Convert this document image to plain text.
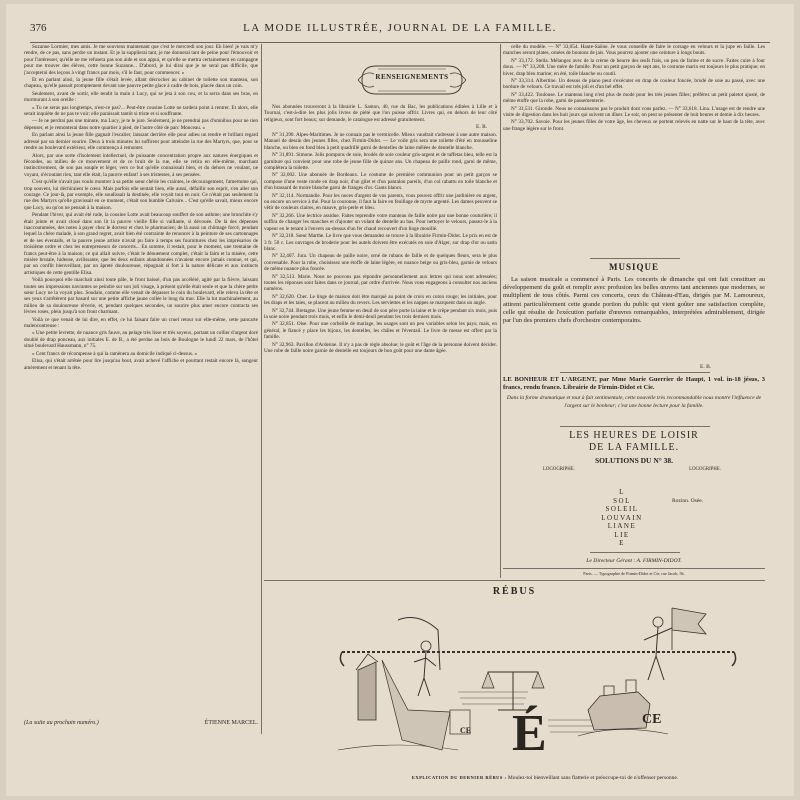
376	LA MODE ILLUSTRÉE, JOURNAL DE LA FAMILLE.

Suzanne Lormier, mes amis. Je me souviens maintenant que c'est le mercredi son jour. Eh bien! je vais m'y rendre, de ce pas, sans perdre un instant. Et je la supplierai tant, je me donnerai tant de peine pour l'émouvoir et pour l'intéresser, qu'elle ne me refusera pas son aide et son appui, et qu'elle se mettra certainement en campagne pour me trouver des élèves, cette bonne Suzanne... D'abord, je lui dirai que je ne serai pas difficile, que j'accepterai des leçons à vingt francs par mois, s'il le faut, pour commencer. »

Et en parlant ainsi, la jeune fille s'était levée, allant décrocher au cabinet de toilette son manteau, son chapeau, qu'elle passait promptement devant une pauvre petite glace à cadre de bois, placée dans un coin.

Seulement, avant de sortir, elle tendit la main à Lucy, qui se jeta à son cou, et la serra dans ses bras, en murmurant à son oreille :

« Tu ne seras pas longtemps, n'est-ce pas?... Peut-être cousine Lotte ne tardera point à rentrer. Et alors, elle serait inquiète de ne pas te voir; elle paraissait tantôt si triste et si souffrante.

— Je ne perdrai pas une minute, ma Lucy, je te le jure. Seulement, je ne prendrai pas d'omnibus pour ne rien dépenser, et je remonterai dans notre quartier à pied, de l'autre côté de parc Monceau. »

En parlant ainsi la jeune fille gagnait l'escalier, laissant derrière elle pour adieu un tendre et brillant regard adressé par un dernier sourire. Deux à trois minutes lui suffirent pour atteindre la rue des Martyrs, que, pour se rendre au boulevard extérieur, elle commença à remonter.

Alors, par une sorte d'isolement intellectuel, de puissante concentration propre aux natures énergiques et fécondes, au milieu de ce mouvement et de ce bruit de la rue, elle se retira en elle-même, marchant instinctivement, de son pas souple et léger, vers ce but qu'elle connaissait bien, et du dehors ne voulant, ne voyant, n'écoutant rien, tant elle était, la pauvre enfant! à ses tristesses, à ses pensées.

C'est qu'elle n'avait pas voulu montrer à sa petite sœur chérie les craintes, le découragement, l'amertume qui, trop souvent, lui déchiraient le cœur. Mais parfois elle sentait bien, elle aussi, défaillir son esprit, s'en aller son courage. Ce jour-là, par exemple, elle soudissait la destinée, elle voyait tout en noir. Ce n'était pas seulement la rue des Martyrs qu'elle gravissait en ce moment, c'était son humble Calvaire... C'est qu'elle savait, mieux encore que Lucy, ou qu'on ne pensait à la maison.

Pendant l'hiver, qui avait été rude, la cousine Lotte avait beaucoup souffert de son asthme; une bronchite s'y était jointe et avait cloué dans son lit la pauvre vieille fille si vaillante, si dévouée. De là des dépenses inaccoutumées, des notes à payer chez le docteur et chez le pharmacien; de là aussi un chômage forcé, pendant lequel la chère malade, à son grand regret, avait bien été contrainte de renoncer à la peinture de ses cartonnages et de ses éventails, et la pauvre jeune artiste n'avait pu faire à temps ses fournitures chez les imprésarios de troisième ordre et chez les entrepreneurs de concerts... En somme, il restait, pour le moment, une trentaine de francs peut-être à la maison; ce qui allait suivre, c'était le dénuement complet, c'était la faim et la misère, cette misère brutale, hideuse, avilissante, que les deux enfants abandonnées n'avaient encore jamais connue, et qui, par un conflit bienveillant, par un âpreté douloureuse, répugnait si fort à la nature délicate et aux instincts artistiques de cette gentille Elisa.

Voilà pourquoi elle marchait ainsi toute pâle, le front baissé, d'un pas accéléré, agité par la fièvre, laissant toutes ses impressions navrantes se peindre sur son joli visage, à présent qu'elle était seule et que la chère petite sœur Lucy ne la voyait plus. Soudain, comme elle venait de dépasser le coin du boulevard, elle releva la tête et ses yeux s'arrêtèrent par hasard sur une petite affiche jaune collée le long du mur. Elle la lut machinalement, au milieu de sa douloureuse rêverie, et, pendant quelques secondes, un sourire plus amer encore contracta ses lèvres roses, plein jusqu'à son front charmant.

Voilà ce que venait de lui dire, en effet, ce lui faisant faire un cruel retour sur elle-même, cette pancarte malencontreuse :

« Une petite levrette, de nuance gris fauve, au pelage très lisse et très soyeux, portant un collier d'argent doré doublé de drap ponceau, aux initiales E. de B., a été perdue au bois de Boulogne le lundi 22 mars, de l'hôtel situé boulevard Haussmann, n° 75.

« Cent francs de récompense à qui la ramènera au domicile indiqué ci-dessus. »

Elisa, qui s'était arrêtée pour lire jusqu'au bout, avait achevé l'affiche et pourtant restait encore là, songeur amèrement et tenant la tête.

(La suite au prochain numéro.)	ÉTIENNE MARCEL.
RENSEIGNEMENTS

Nos abonnées trouveront à la librairie L. Santon, 40, rue du Bac, les publications éditées à Lille et à Tournai, c'est-à-dire les plus jolis livres de piété que l'on puisse offrir. Livres qui, en dehors de leur côté religieux, sont fort beaux; sur demande, le catalogue est adressé gratuitement.

E. R.

N° 31,390. Alpes-Maritimes. Je ne connais pas le vermicelle. Mieux vaudrait s'adresser à une autre maison. Manuel de dessin des jeunes filles, chez Firmin-Didot. — Le voile gris sera une toilette d'été en mousseline blanche, ou bien en fond bleu à petit quadrillé garni de dentelles de laine mêlées de dentelle blanche.

N° 31,891. Simone. Jolis pompons de soie, brodés de soie couleur gris-argent et de taffetas bleu, telle est la garniture qui convient pour une robe de jeune fille de quinze ans. Un chapeau de paille rond, garni de même, complétera la toilette.

N° 32,002. Une abonnée de Bordeaux. Le costume de première communion pour un petit garçon se compose d'une veste ronde en drap noir, d'un gilet et d'un pantalon pareils, d'un col rabattu en toile blanche et d'un brassard de moire blanche garni de franges d'or. Gants blancs.

N° 32,114. Normandie. Pour les noces d'argent de vos parents, vous pouvez offrir une jardinière en argent, ou encore un service à thé. Pour la couronne, il faut la faire en feuillage de myrte argenté. Les dames peuvent se vêtir de couleurs claires, en mauve, gris-perle et bleu.

N° 32,266. Une lectrice assidue. Faites reprendre votre manteau de faille noire par une bonne couturière; il suffira de changer les manches et d'ajouter un volant de dentelle au bas. Pour nettoyer le velours, passez-le à la vapeur en le tenant à l'envers au-dessus d'un fer chaud recouvert d'un linge mouillé.

N° 32,318. Sœur Marthe. Le livre que vous demandez se trouve à la librairie Firmin-Didot. Le prix en est de 3 fr. 50 c. Les ouvrages de broderie pour les autels doivent être exécutés en soie d'Alger, sur drap d'or ou satin blanc.

N° 32,407. Jura. Un chapeau de paille noire, orné de rubans de faille et de quelques fleurs, sera le plus convenable. Pour la robe, choisissez une étoffe de laine légère, en nuance beige ou gris-bleu, garnie de velours de même nuance plus foncée.

N° 32,513. Marie. Nous ne pouvons pas répondre personnellement aux lettres qui nous sont adressées; toutes les réponses sont faites dans ce journal, par ordre d'arrivée. Nous vous engageons à consulter nos anciens numéros.

N° 32,620. Cher. Le linge de maison doit être marqué au point de croix en coton rouge; les initiales, pour les draps et les taies, se placent au milieu du revers. Les serviettes et les nappes se marquent dans un angle.

N° 32,744. Bretagne. Une jeune femme en deuil de son père porte la laine et le crêpe pendant six mois, puis la soie noire pendant trois mois, et enfin le demi-deuil pendant les trois derniers mois.

N° 32,851. Oise. Pour une corbeille de mariage, les usages sont un peu variables selon les pays; mais, en général, le fiancé y place les bijoux, les dentelles, les châles et l'éventail. Le livre de messe est offert par la famille.

N° 32,963. Pavillon d'Ardenne. Il n'y a pas de règle absolue; le goût et l'âge de la personne doivent décider. Une robe de faille noire garnie de dentelle est toujours de bon goût pour une dame âgée.

celle du modèle. — N° 33,054. Haute-Saône. Je vous conseille de faire le corsage en velours et la jupe en faille. Les manches seront plates, ornées de boutons de jais. Vous pourrez ajouter une ceinture à longs bouts.

N° 33,172. Stella. Mélangez avec de la crème de beurre des œufs frais, un peu de farine et de sucre. Faites cuire à four doux. — N° 33,208. Une mère de famille. Pour un petit garçon de sept ans, le costume marin est toujours le plus pratique; en hiver, drap bleu marine; en été, toile blanche ou coutil.

N° 33,314. Albertine. Un dessus de piano peut s'exécuter en drap de couleur foncée, brodé de soie au passé, avec une bordure de velours. Ce travail est très joli et d'un bel effet.

N° 33,422. Toulouse. Le manteau long n'est plus de mode pour les très jeunes filles; préférez un petit paletot ajusté, de même étoffe que la robe, garni de passementerie.

N° 33,531. Gironde. Nous ne connaissons pas le produit dont vous parlez. — N° 33,618. Lina. L'usage est de rendre une visite de digestion dans les huit jours qui suivent un dîner. Le soir, on peut se présenter de huit heures et demie à dix heures.

N° 33,702. Savoie. Pour les jeunes filles de votre âge, les cheveux se portent relevés en natte sur le haut de la tête, avec une frange légère sur le front.

MUSIQUE

La saison musicale a commencé à Paris. Les concerts de dimanche qui ont fait constituer au développement du goût et remplir avec profusion les belles œuvres tant anciennes que modernes, se multiplient de tous côtés. Parmi ces concerts, ceux du Château-d'Eau, dirigés par M. Lamoureux, attirent particulièrement cette grande portion du public qui vient goûter une satisfaction complète, celle qui résulte de l'exécution parfaite d'œuvres remarquables, interprétées admirablement, dirigée par l'un des premiers chefs d'orchestre contemporains.

E. B.
LE BONHEUR ET L'ARGENT, par Mme Marie Guerrier de Haupt, 1 vol. in-18 jésus, 3 francs, rendu franco. Librairie de Firmin-Didot et Cie.
Dans la forme dramatique et tout à fait sentimentale, cette nouvelle très recommandable nous montre l'influence de l'argent sur le bonheur; c'est une bonne lecture pour la famille.
LES HEURES DE LOISIR
DE LA FAMILLE.
SOLUTIONS DU N° 38.
LOGOGRIPHE.	LOGOGRIPHE.
L
SOL
SOLEIL
LOUVAIN
LIANE
LIE
E
Rozinn. Osée.
Le Directeur Gérant : A. FIRMIN-DIDOT.
Paris. — Typographie de Firmin-Didot et Cie, rue Jacob, 56.
RÉBUS
CE É	CE
EXPLICATION DU DERNIER RÉBUS : Moulez-toi bienveillant sans flatterie et préoccupe-toi de n'offenser personne.
